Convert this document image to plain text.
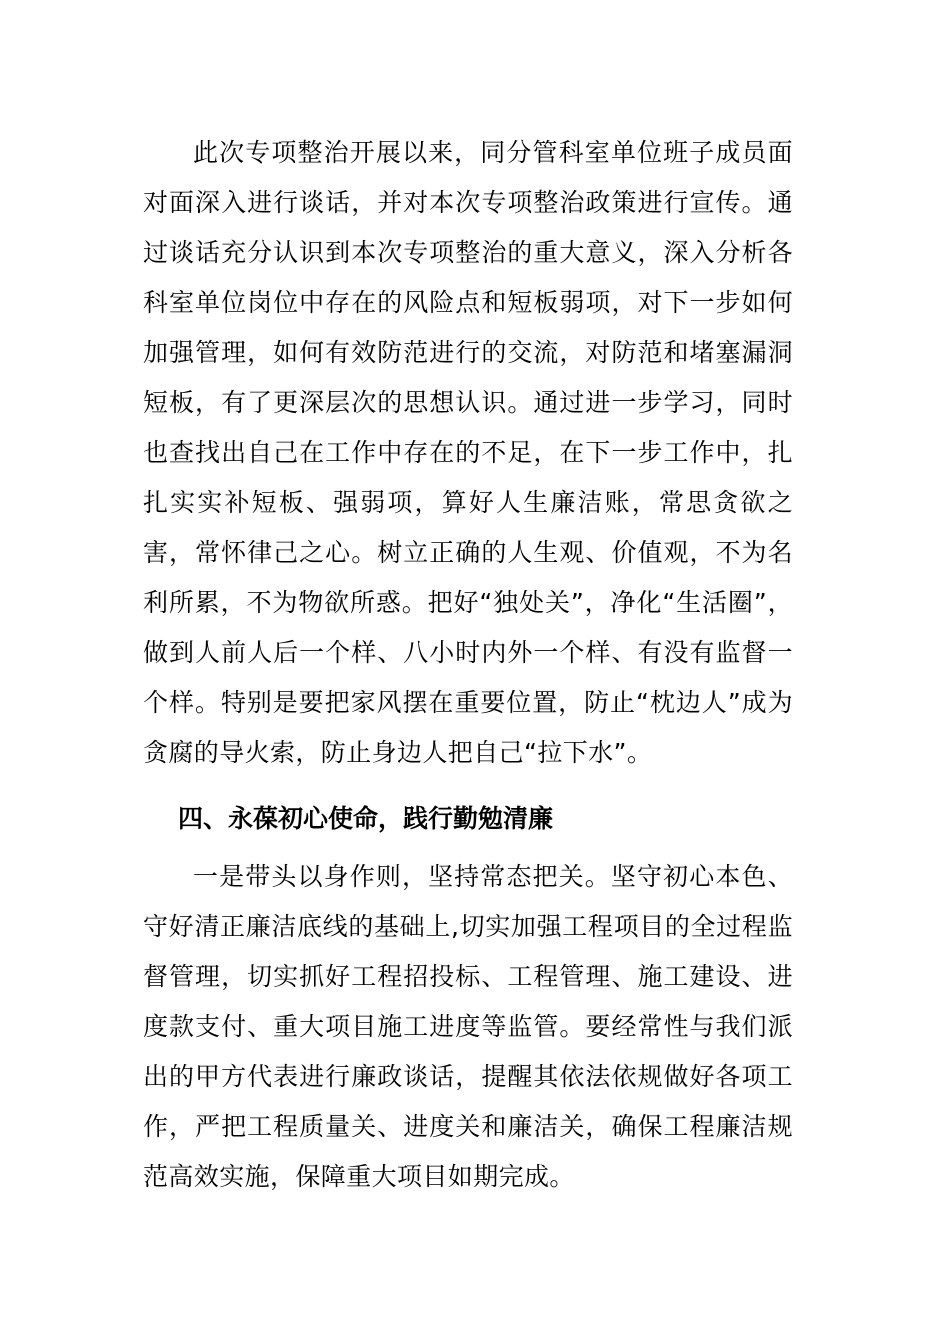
此次专项整治开展以来，同分管科室单位班子成员面对面深入进行谈话，并对本次专项整治政策进行宣传。通过谈话充分认识到本次专项整治的重大意义，深入分析各科室单位岗位中存在的风险点和短板弱项，对下一步如何加强管理，如何有效防范进行的交流，对防范和堵塞漏洞短板，有了更深层次的思想认识。通过进一步学习，同时也查找出自己在工作中存在的不足，在下一步工作中，扎扎实实补短板、强弱项，算好人生廉洁账，常思贪欲之害，常怀律己之心。树立正确的人生观、价值观，不为名利所累，不为物欲所惑。把好“独处关”，净化“生活圈”，做到人前人后一个样、八小时内外一个样、有没有监督一个样。特别是要把家风摆在重要位置，防止“枕边人”成为贪腐的导火索，防止身边人把自己“拉下水”。

四、永葆初心使命，践行勤勉清廉

一是带头以身作则，坚持常态把关。坚守初心本色、守好清正廉洁底线的基础上,切实加强工程项目的全过程监督管理，切实抓好工程招投标、工程管理、施工建设、进度款支付、重大项目施工进度等监管。要经常性与我们派出的甲方代表进行廉政谈话，提醒其依法依规做好各项工作，严把工程质量关、进度关和廉洁关，确保工程廉洁规范高效实施，保障重大项目如期完成。
